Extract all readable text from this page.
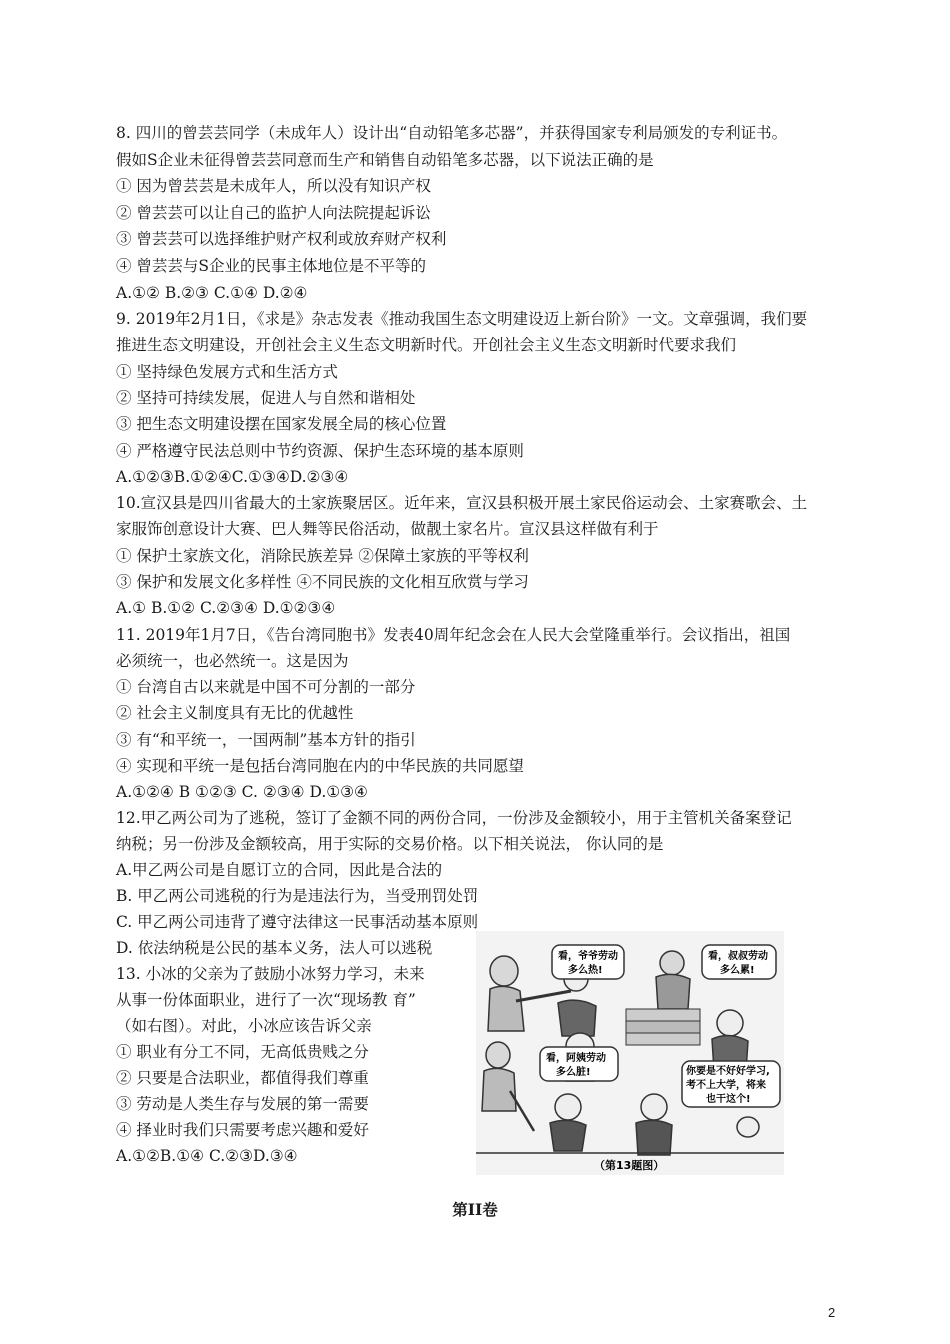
8. 四川的曾芸芸同学（未成年人）设计出“自动铅笔多芯器”，并获得国家专利局颁发的专利证书。
假如S企业未征得曾芸芸同意而生产和销售自动铅笔多芯器，以下说法正确的是
① 因为曾芸芸是未成年人，所以没有知识产权
② 曾芸芸可以让自己的监护人向法院提起诉讼
③ 曾芸芸可以选择维护财产权利或放弃财产权利
④ 曾芸芸与S企业的民事主体地位是不平等的
A.①② B.②③ C.①④ D.②④
9. 2019年2月1日，《求是》杂志发表《推动我国生态文明建设迈上新台阶》一文。文章强调，我们要
推进生态文明建设，开创社会主义生态文明新时代。开创社会主义生态文明新时代要求我们
① 坚持绿色发展方式和生活方式
② 坚持可持续发展，促进人与自然和谐相处
③ 把生态文明建设摆在国家发展全局的核心位置
④ 严格遵守民法总则中节约资源、保护生态环境的基本原则
A.①②③B.①②④C.①③④D.②③④
10.宣汉县是四川省最大的土家族聚居区。近年来，宣汉县积极开展土家民俗运动会、土家赛歌会、土
家服饰创意设计大赛、巴人舞等民俗活动，做靓土家名片。宣汉县这样做有利于
① 保护土家族文化，消除民族差异 ②保障土家族的平等权利
③ 保护和发展文化多样性 ④不同民族的文化相互欣赏与学习
A.① B.①② C.②③④ D.①②③④
11. 2019年1月7日，《告台湾同胞书》发表40周年纪念会在人民大会堂隆重举行。会议指出，祖国
必须统一，也必然统一。这是因为
① 台湾自古以来就是中国不可分割的一部分
② 社会主义制度具有无比的优越性
③ 有“和平统一，一国两制”基本方针的指引
④ 实现和平统一是包括台湾同胞在内的中华民族的共同愿望
A.①②④ B ①②③ C. ②③④ D.①③④
12.甲乙两公司为了逃税，签订了金额不同的两份合同，一份涉及金额较小，用于主管机关备案登记
纳税；另一份涉及金额较高，用于实际的交易价格。以下相关说法， 你认同的是
A.甲乙两公司是自愿订立的合同，因此是合法的
B. 甲乙两公司逃税的行为是违法行为，当受刑罚处罚
C. 甲乙两公司违背了遵守法律这一民事活动基本原则
D. 依法纳税是公民的基本义务，法人可以逃税
13. 小冰的父亲为了鼓励小冰努力学习，未来
从事一份体面职业，进行了一次“现场教 育”
（如右图）。对此，小冰应该告诉父亲
① 职业有分工不同，无高低贵贱之分
② 只要是合法职业，都值得我们尊重
③ 劳动是人类生存与发展的第一需要
④ 择业时我们只需要考虑兴趣和爱好
A.①②B.①④ C.②③D.③④
看，爷爷劳动
多么热!
看，叔叔劳动
多么累!
看，阿姨劳动
多么脏!	你要是不好好学习,
考不上大学，将来
也干这个!
（第13题图）
第II卷
2
